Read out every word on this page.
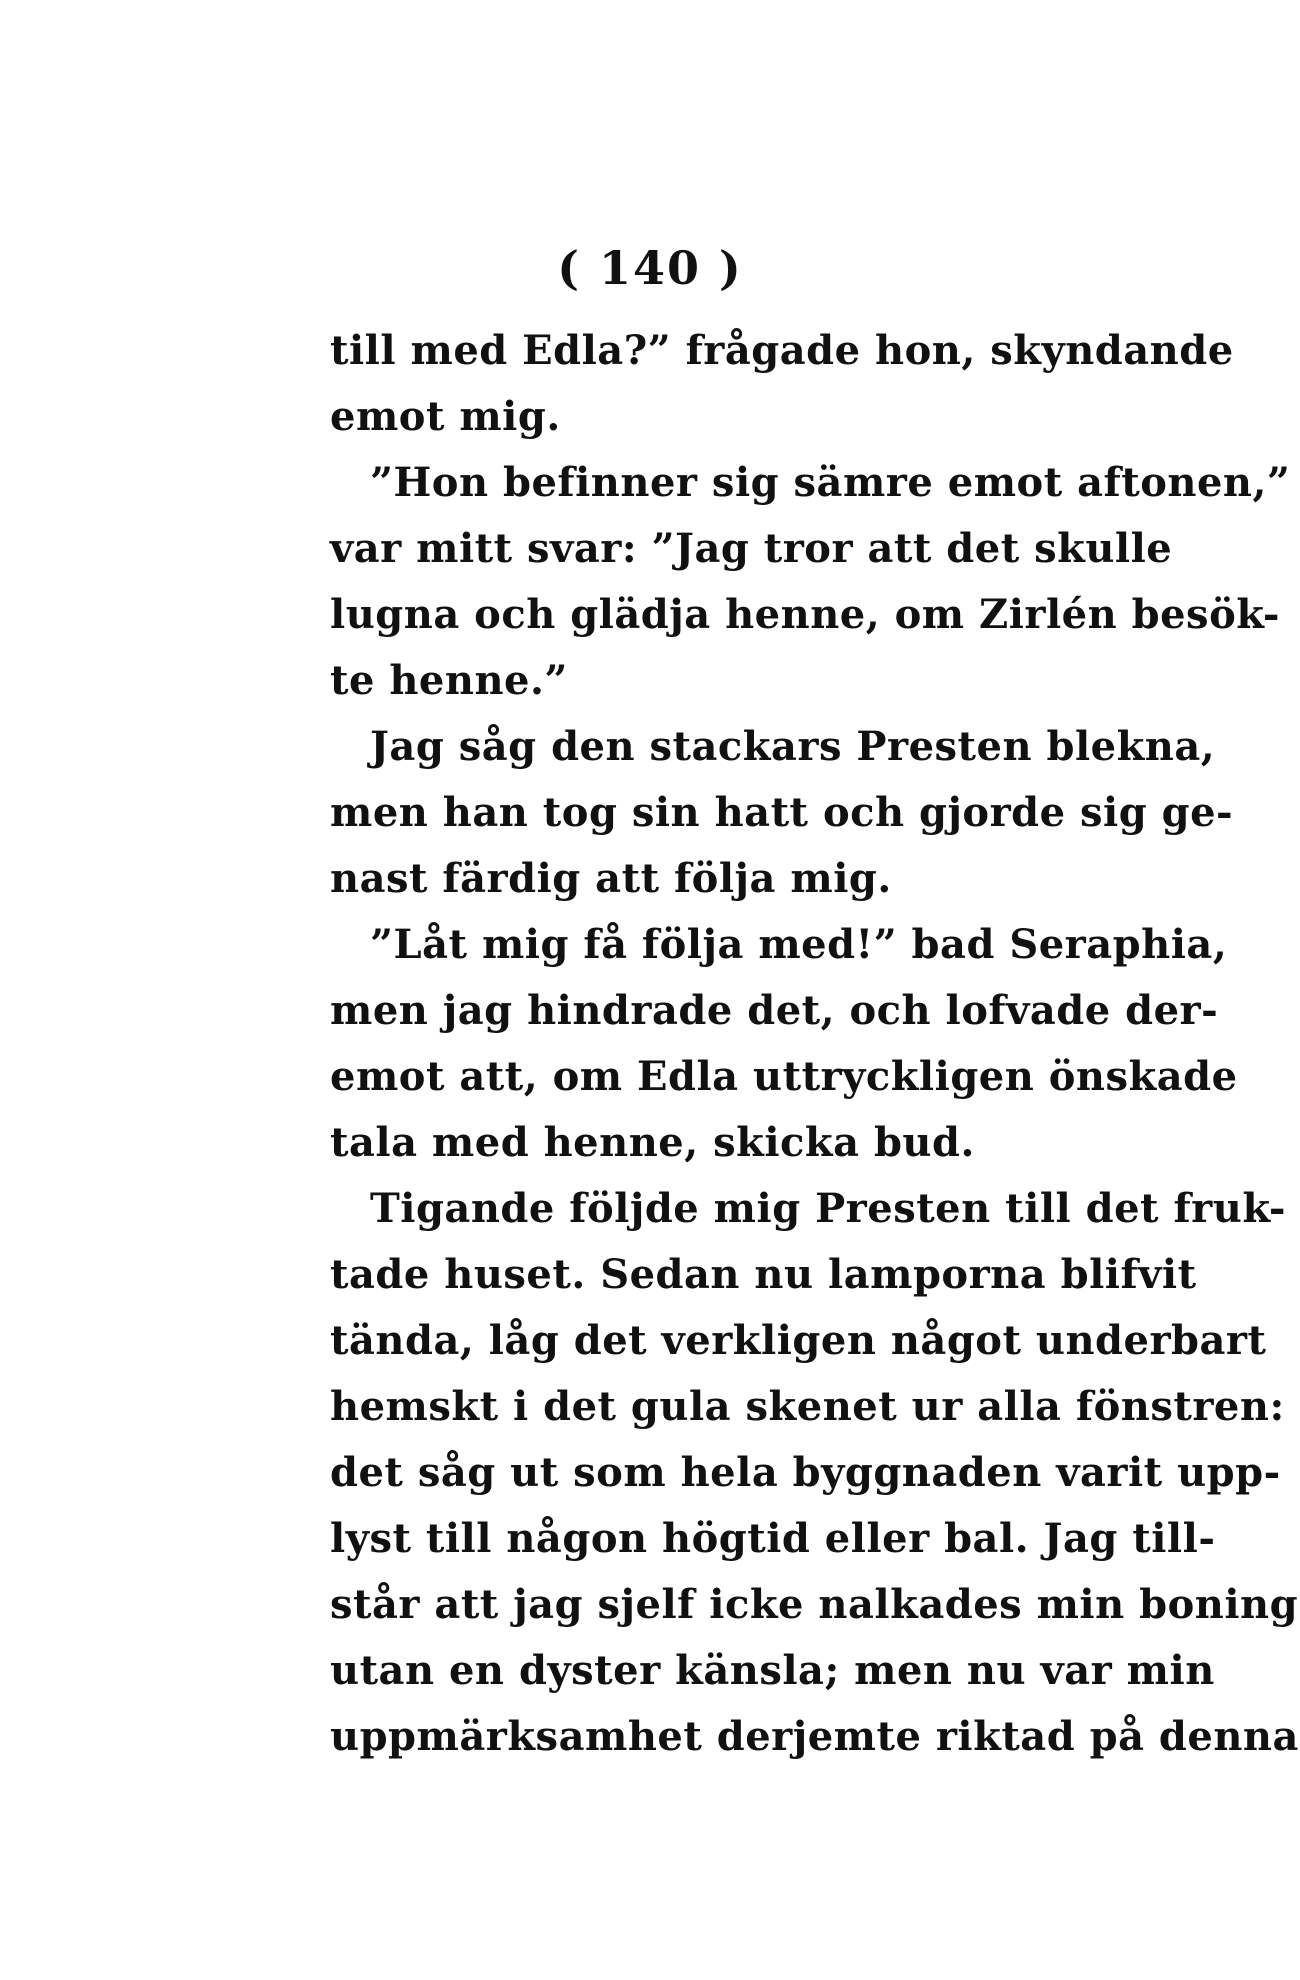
( 140 )
till med Edla?” frågade hon, skyndande
emot mig.
”Hon befinner sig sämre emot aftonen,”
var mitt svar: ”Jag tror att det skulle
lugna och glädja henne, om Zirlén besök-
te henne.”
Jag såg den stackars Presten blekna,
men han tog sin hatt och gjorde sig ge-
nast färdig att följa mig.
”Låt mig få följa med!” bad Seraphia,
men jag hindrade det, och lofvade der-
emot att, om Edla uttryckligen önskade
tala med henne, skicka bud.
Tigande följde mig Presten till det fruk-
tade huset. Sedan nu lamporna blifvit
tända, låg det verkligen något underbart
hemskt i det gula skenet ur alla fönstren:
det såg ut som hela byggnaden varit upp-
lyst till någon högtid eller bal. Jag till-
står att jag sjelf icke nalkades min boning
utan en dyster känsla; men nu var min
uppmärksamhet derjemte riktad på denna
